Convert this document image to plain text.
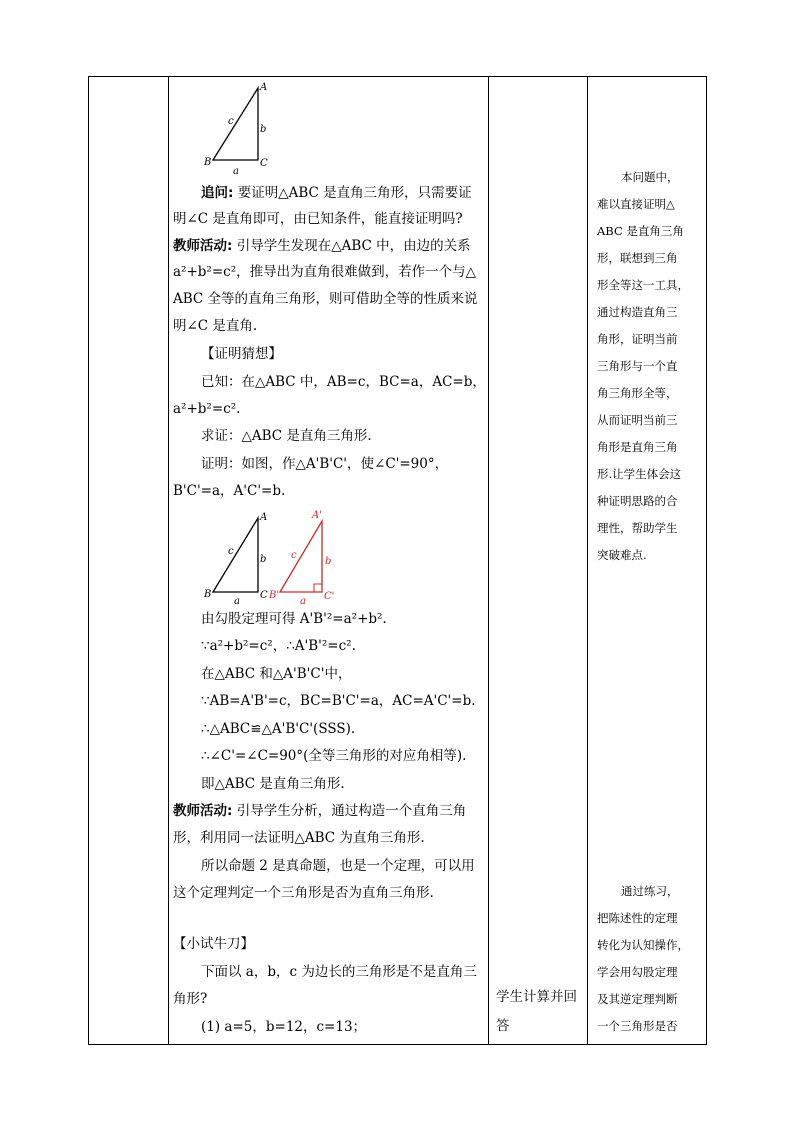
A
B	C
a
b
c
追问: 要证明△ABC 是直角三角形，只需要证
明∠C 是直角即可，由已知条件，能直接证明吗?
教师活动: 引导学生发现在△ABC 中，由边的关系
a²+b²=c²，推导出为直角很难做到，若作一个与△
ABC 全等的直角三角形，则可借助全等的性质来说
明∠C 是直角.
【证明猜想】
已知：在△ABC 中，AB=c，BC=a，AC=b，
a²+b²=c².
求证：△ABC 是直角三角形.
证明：如图，作△A'B'C'，使∠C'=90°，
B'C'=a，A'C'=b.
A
B	C
a
b
c
A'
B'	C'
a
b
c
由勾股定理可得 A'B'²=a²+b².
∵a²+b²=c²，∴A'B'²=c².
在△ABC 和△A'B'C'中，
∵AB=A'B'=c，BC=B'C'=a，AC=A'C'=b.
∴△ABC≌△A'B'C'(SSS).
∴∠C'=∠C=90°(全等三角形的对应角相等).
即△ABC 是直角三角形.
教师活动: 引导学生分析，通过构造一个直角三角
形，利用同一法证明△ABC 为直角三角形.
所以命题 2 是真命题，也是一个定理，可以用
这个定理判定一个三角形是否为直角三角形.
【小试牛刀】
下面以 a，b，c 为边长的三角形是不是直角三
角形?
(1) a=5，b=12，c=13；
学生计算并回
答
本问题中，
难以直接证明△
ABC 是直角三角
形，联想到三角
形全等这一工具，
通过构造直角三
角形，证明当前
三角形与一个直
角三角形全等，
从而证明当前三
角形是直角三角
形.让学生体会这
种证明思路的合
理性，帮助学生
突破难点.
通过练习，
把陈述性的定理
转化为认知操作，
学会用勾股定理
及其逆定理判断
一个三角形是否
